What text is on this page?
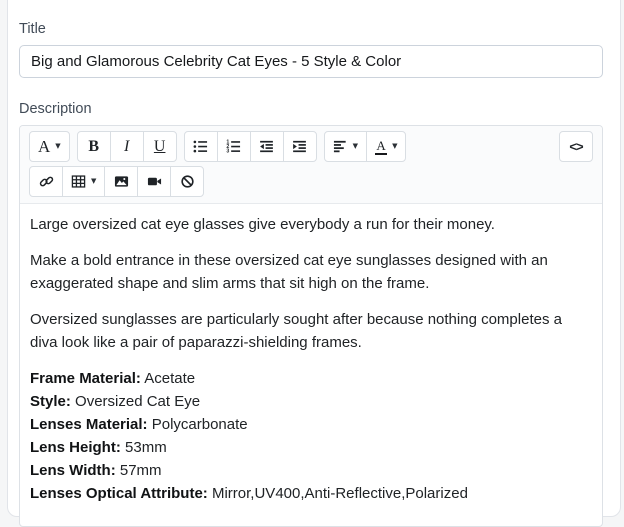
Title
Big and Glamorous Celebrity Cat Eyes - 5 Style & Color
Description
A ▼ B I U	1
2
3
▼ A ▼	<>
▼

Large oversized cat eye glasses give everybody a run for their money.

Make a bold entrance in these oversized cat eye sunglasses designed with an exaggerated shape and slim arms that sit high on the frame.

Oversized sunglasses are particularly sought after because nothing completes a diva look like a pair of paparazzi-shielding frames.

Frame Material: Acetate
Style: Oversized Cat Eye
Lenses Material: Polycarbonate
Lens Height: 53mm
Lens Width: 57mm
Lenses Optical Attribute: Mirror,UV400,Anti-Reflective,Polarized
